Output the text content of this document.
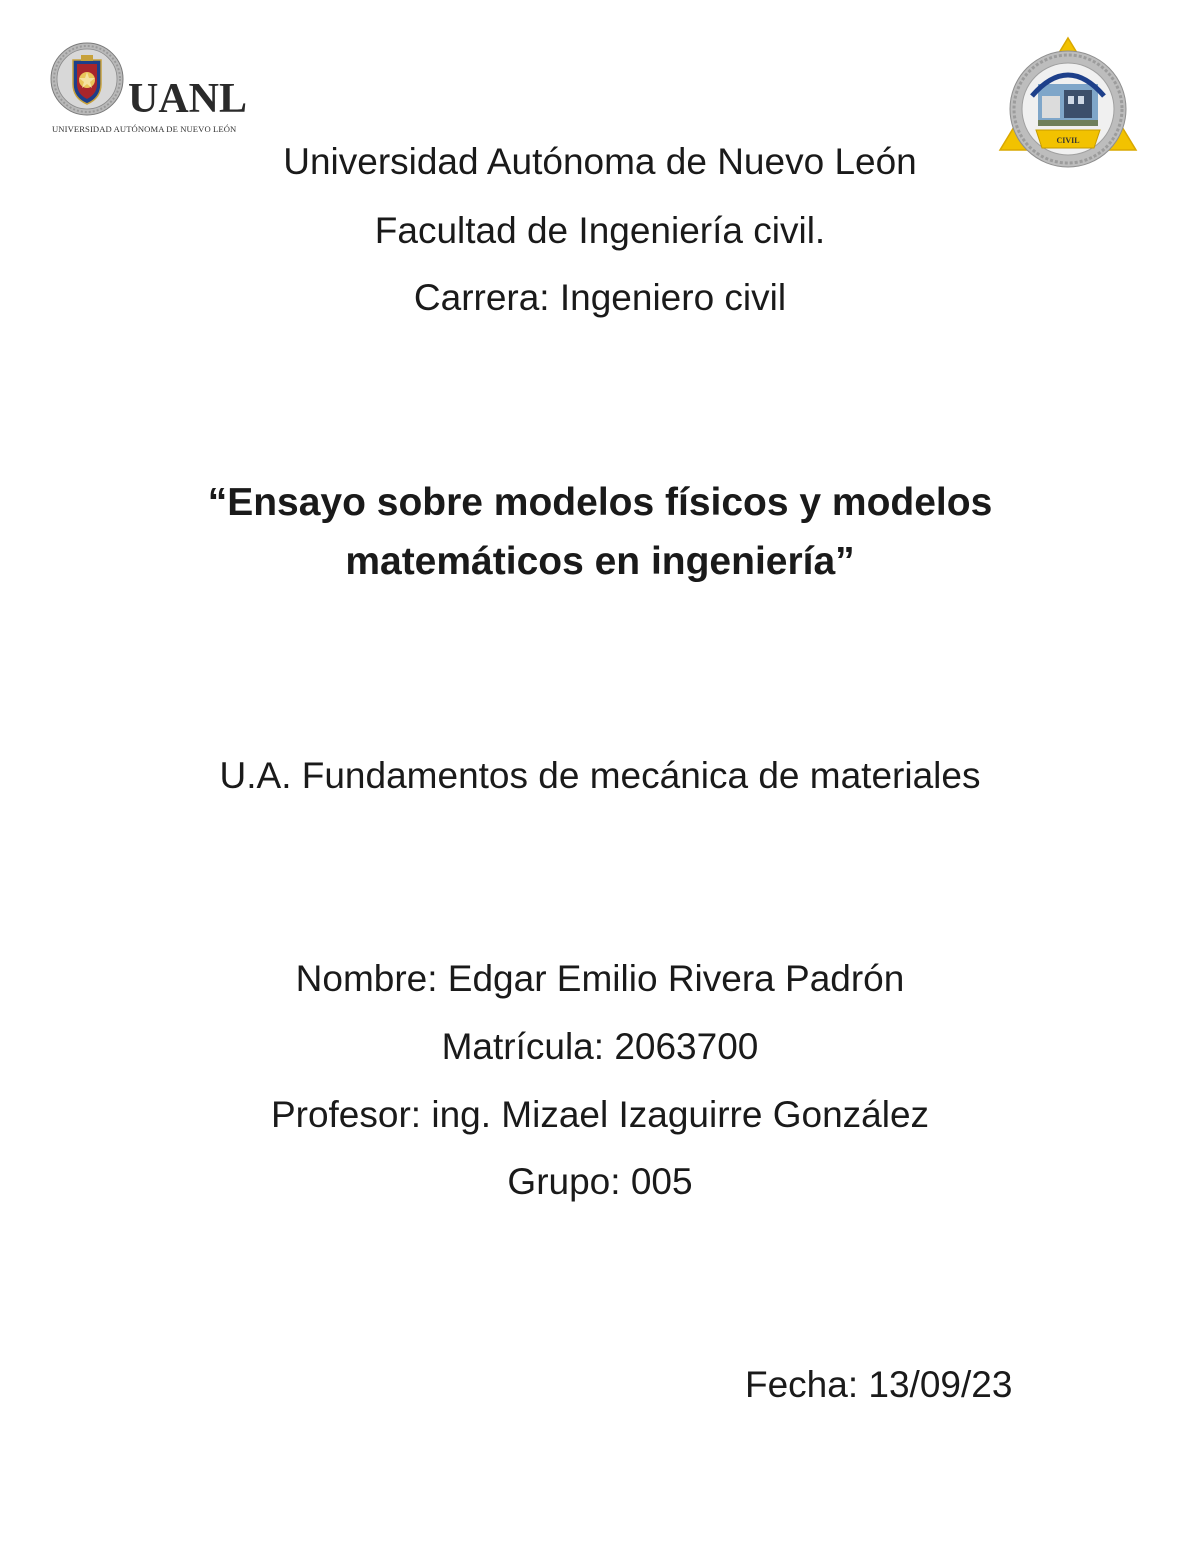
UANL
UNIVERSIDAD AUTÓNOMA DE NUEVO LEÓN
CIVIL
Universidad Autónoma de Nuevo León
Facultad de Ingeniería civil.
Carrera: Ingeniero civil
“Ensayo sobre modelos físicos y modelos
matemáticos en ingeniería”
U.A. Fundamentos de mecánica de materiales
Nombre: Edgar Emilio Rivera Padrón
Matrícula: 2063700
Profesor: ing. Mizael Izaguirre González
Grupo: 005
Fecha: 13/09/23
